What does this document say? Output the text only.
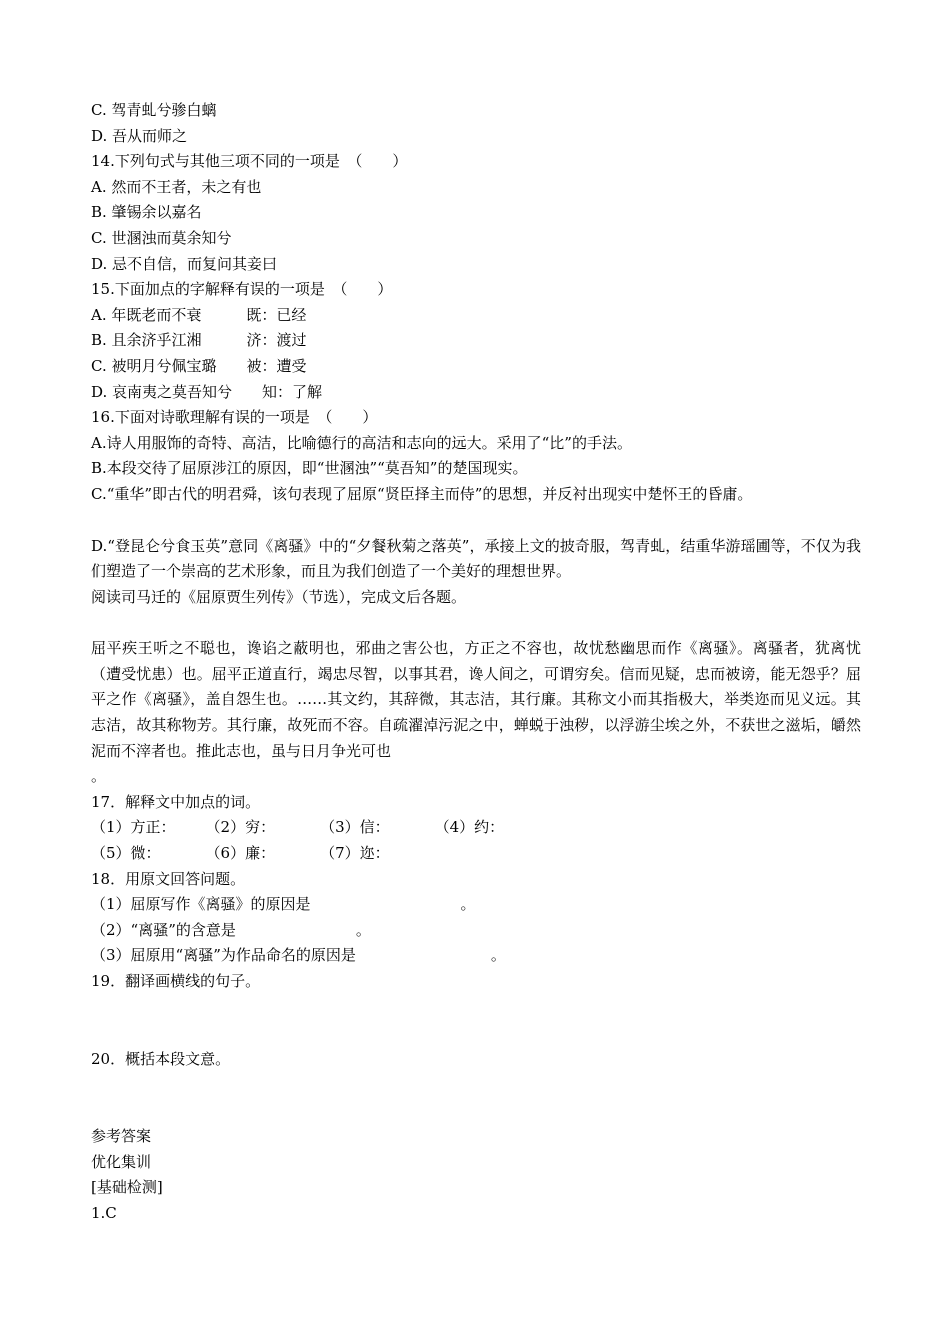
C. 驾青虬兮骖白螭
D. 吾从而师之
14.下列句式与其他三项不同的一项是　（　　）
A. 然而不王者，未之有也
B. 肇锡余以嘉名
C. 世溷浊而莫余知兮
D. 忌不自信，而复问其妾曰
15.下面加点的字解释有误的一项是　（　　）
A. 年既老而不衰　　　既：已经
B. 且余济乎江湘　　　济：渡过
C. 被明月兮佩宝璐　　被：遭受
D. 哀南夷之莫吾知兮　　知：了解
16.下面对诗歌理解有误的一项是　（　　）
A.诗人用服饰的奇特、高洁，比喻德行的高洁和志向的远大。采用了“比”的手法。
B.本段交待了屈原涉江的原因，即“世溷浊”“莫吾知”的楚国现实。
C.“重华”即古代的明君舜，该句表现了屈原“贤臣择主而侍”的思想，并反衬出现实中楚怀王的昏庸。
D.“登昆仑兮食玉英”意同《离骚》中的“夕餐秋菊之落英”，承接上文的披奇服，驾青虬，结重华游瑶圃等，不仅为我们塑造了一个崇高的艺术形象，而且为我们创造了一个美好的理想世界。
阅读司马迁的《屈原贾生列传》（节选），完成文后各题。
屈平疾王听之不聪也，谗谄之蔽明也，邪曲之害公也，方正之不容也，故忧愁幽思而作《离骚》。离骚者，犹离忧（遭受忧患）也。屈平正道直行，竭忠尽智，以事其君，谗人间之，可谓穷矣。信而见疑，忠而被谤，能无怨乎？屈平之作《离骚》，盖自怨生也。……其文约，其辞微，其志洁，其行廉。其称文小而其指极大，举类迩而见义远。其志洁，故其称物芳。其行廉，故死而不容。自疏濯淖污泥之中，蝉蜕于浊秽，以浮游尘埃之外，不获世之滋垢，皭然泥而不滓者也。推此志也，虽与日月争光可也
。
17．解释文中加点的词。
（1）方正：　　　（2）穷：　　　　（3）信：　　　　（4）约：
（5）微：　　　　（6）廉：　　　　（7）迩：
18．用原文回答问题。
（1）屈原写作《离骚》的原因是　　　　　　　　　　。
（2）“离骚”的含意是　　　　　　　　。
（3）屈原用“离骚”为作品命名的原因是　　　　　　　　　。
19．翻译画横线的句子。
20．概括本段文意。
参考答案
优化集训
[基础检测]
1.C
